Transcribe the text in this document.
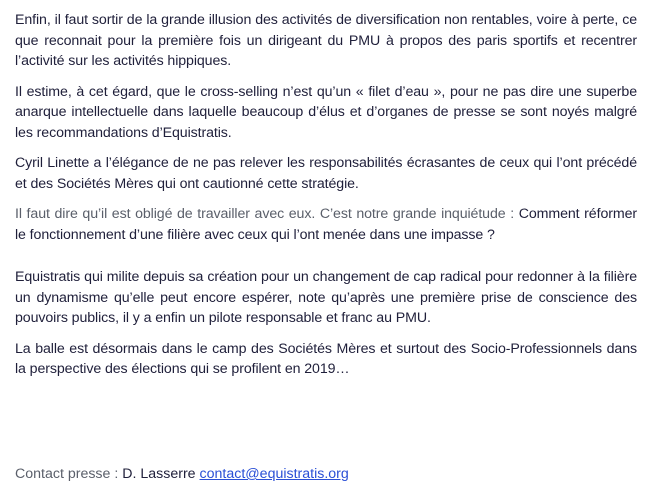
Enfin, il faut sortir de la grande illusion des activités de diversification non rentables, voire à perte, ce que reconnait pour la première fois un dirigeant du PMU à propos des paris sportifs et recentrer l’activité sur les activités hippiques.

Il estime, à cet égard, que le cross-selling n’est qu’un « filet d’eau », pour ne pas dire une superbe anarque intellectuelle dans laquelle beaucoup d’élus et d’organes de presse se sont noyés malgré les recommandations d’Equistratis.

Cyril Linette a l’élégance de ne pas relever les responsabilités écrasantes de ceux qui l’ont précédé et des Sociétés Mères qui ont cautionné cette stratégie.

Il faut dire qu’il est obligé de travailler avec eux. C’est notre grande inquiétude : Comment réformer le fonctionnement d’une filière avec ceux qui l’ont menée dans une impasse ?

Equistratis qui milite depuis sa création pour un changement de cap radical pour redonner à la filière un dynamisme qu’elle peut encore espérer, note qu’après une première prise de conscience des pouvoirs publics, il y a enfin un pilote responsable et franc au PMU.

La balle est désormais dans le camp des Sociétés Mères et surtout des Socio-Professionnels dans la perspective des élections qui se profilent en 2019…

Contact presse : D. Lasserre contact@equistratis.org
